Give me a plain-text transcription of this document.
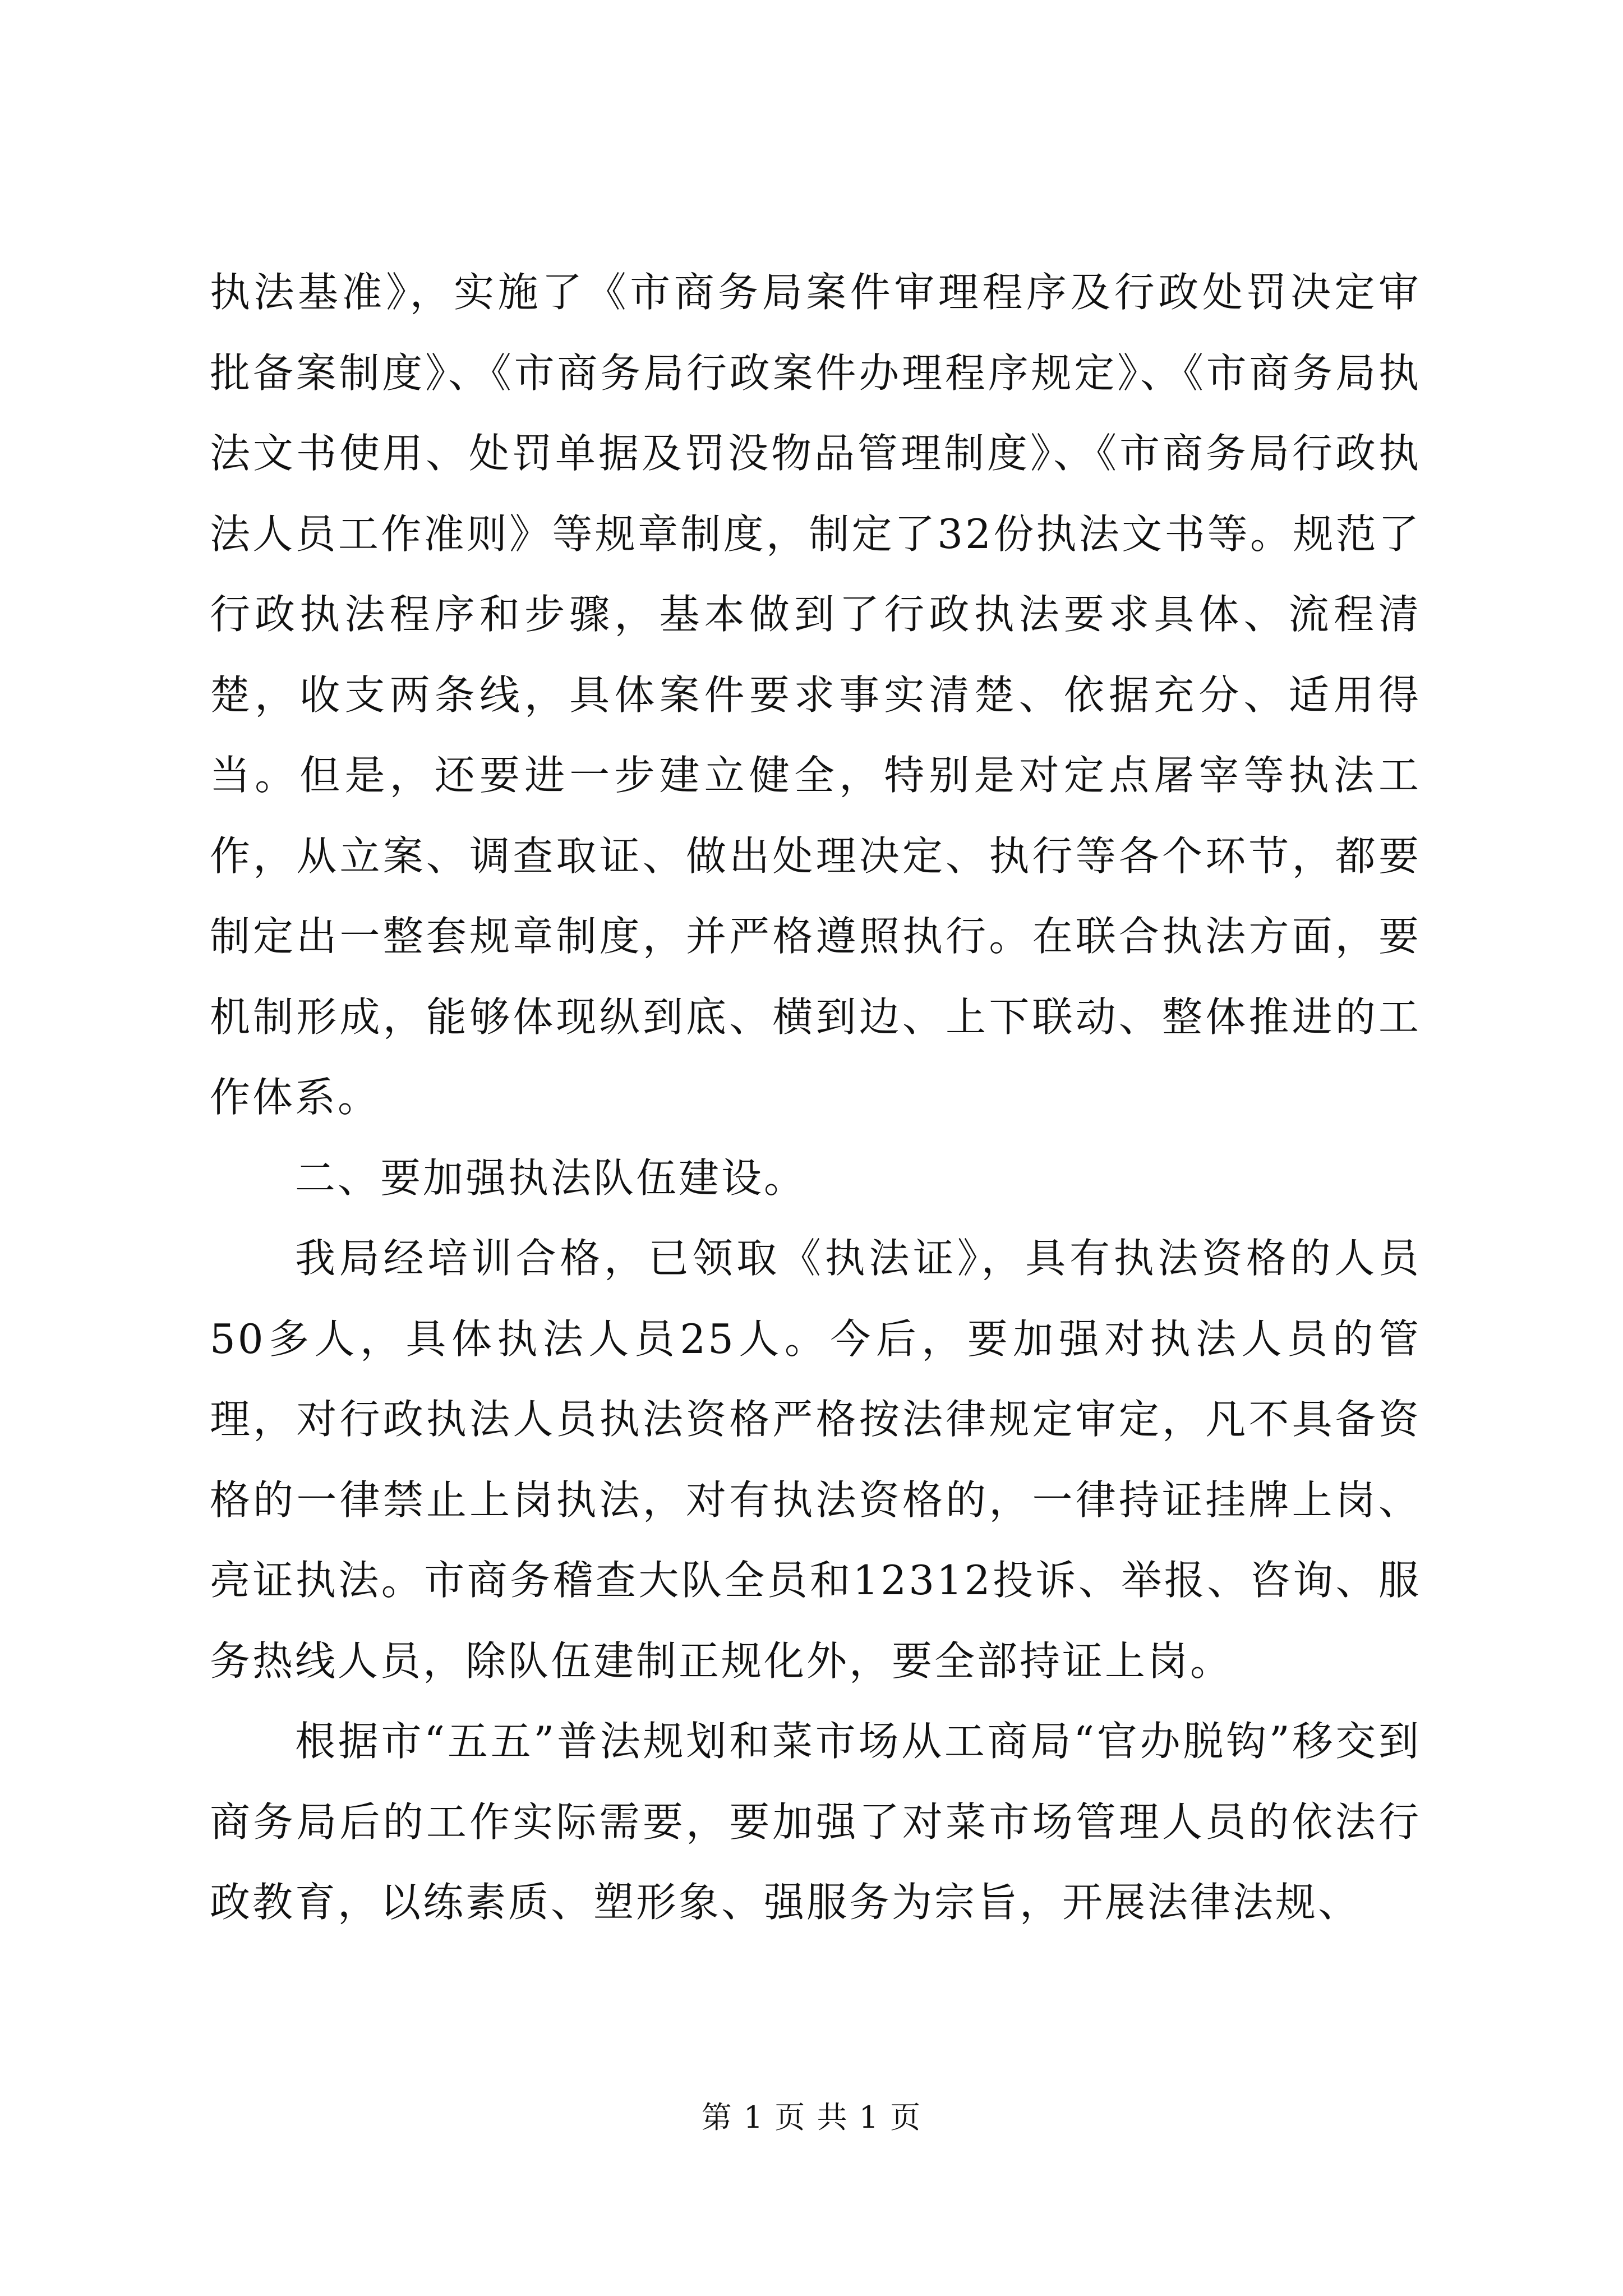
执法基准》，实施了《市商务局案件审理程序及行政处罚决定审批备案制度》、《市商务局行政案件办理程序规定》、《市商务局执法文书使用、处罚单据及罚没物品管理制度》、《市商务局行政执法人员工作准则》等规章制度，制定了32份执法文书等。规范了行政执法程序和步骤，基本做到了行政执法要求具体、流程清楚，收支两条线，具体案件要求事实清楚、依据充分、适用得当。但是，还要进一步建立健全，特别是对定点屠宰等执法工作，从立案、调查取证、做出处理决定、执行等各个环节，都要制定出一整套规章制度，并严格遵照执行。在联合执法方面，要机制形成，能够体现纵到底、横到边、上下联动、整体推进的工作体系。

二、要加强执法队伍建设。

我局经培训合格，已领取《执法证》，具有执法资格的人员50多人，具体执法人员25人。今后，要加强对执法人员的管理，对行政执法人员执法资格严格按法律规定审定，凡不具备资格的一律禁止上岗执法，对有执法资格的，一律持证挂牌上岗、亮证执法。市商务稽查大队全员和12312投诉、举报、咨询、服务热线人员，除队伍建制正规化外，要全部持证上岗。

根据市“五五”普法规划和菜市场从工商局“官办脱钩”移交到商务局后的工作实际需要，要加强了对菜市场管理人员的依法行政教育，以练素质、塑形象、强服务为宗旨，开展法律法规、

第 1 页 共 1 页
